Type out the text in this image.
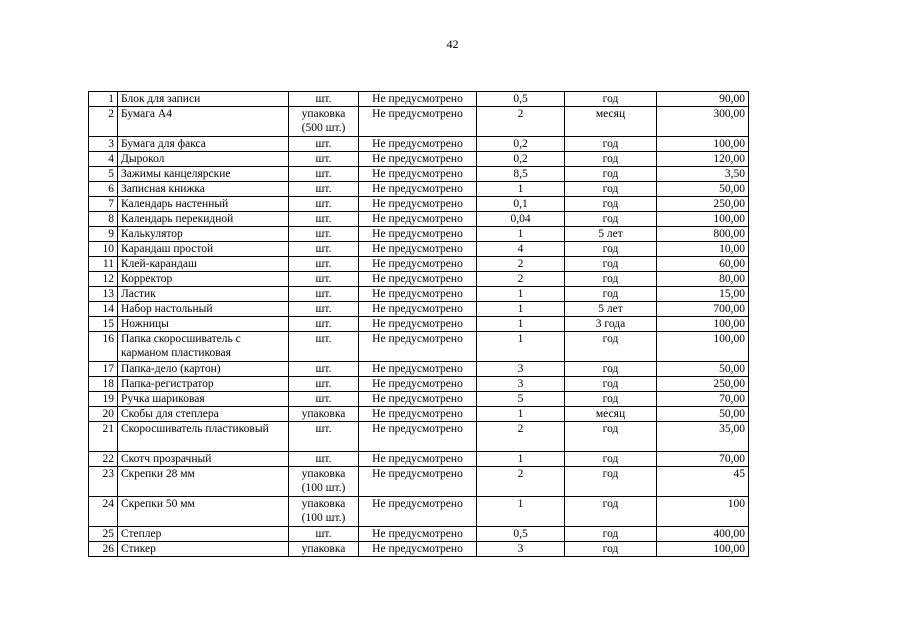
42
1	Блок для записи	шт.	Не предусмотрено	0,5	год	90,00
2	Бумага А4	упаковка (500 шт.)	Не предусмотрено	2	месяц	300,00
3	Бумага для факса	шт.	Не предусмотрено	0,2	год	100,00
4	Дырокол	шт.	Не предусмотрено	0,2	год	120,00
5	Зажимы канцелярские	шт.	Не предусмотрено	8,5	год	3,50
6	Записная книжка	шт.	Не предусмотрено	1	год	50,00
7	Календарь настенный	шт.	Не предусмотрено	0,1	год	250,00
8	Календарь перекидной	шт.	Не предусмотрено	0,04	год	100,00
9	Калькулятор	шт.	Не предусмотрено	1	5 лет	800,00
10	Карандаш простой	шт.	Не предусмотрено	4	год	10,00
11	Клей-карандаш	шт.	Не предусмотрено	2	год	60,00
12	Корректор	шт.	Не предусмотрено	2	год	80,00
13	Ластик	шт.	Не предусмотрено	1	год	15,00
14	Набор настольный	шт.	Не предусмотрено	1	5 лет	700,00
15	Ножницы	шт.	Не предусмотрено	1	3 года	100,00
16	Папка скоросшиватель с карманом пластиковая	шт.	Не предусмотрено	1	год	100,00
17	Папка-дело (картон)	шт.	Не предусмотрено	3	год	50,00
18	Папка-регистратор	шт.	Не предусмотрено	3	год	250,00
19	Ручка шариковая	шт.	Не предусмотрено	5	год	70,00
20	Скобы для степлера	упаковка	Не предусмотрено	1	месяц	50,00
21	Скоросшиватель пластиковый	шт.	Не предусмотрено	2	год	35,00
22	Скотч прозрачный	шт.	Не предусмотрено	1	год	70,00
23	Скрепки 28 мм	упаковка (100 шт.)	Не предусмотрено	2	год	45
24	Скрепки 50 мм	упаковка (100 шт.)	Не предусмотрено	1	год	100
25	Степлер	шт.	Не предусмотрено	0,5	год	400,00
26	Стикер	упаковка	Не предусмотрено	3	год	100,00
